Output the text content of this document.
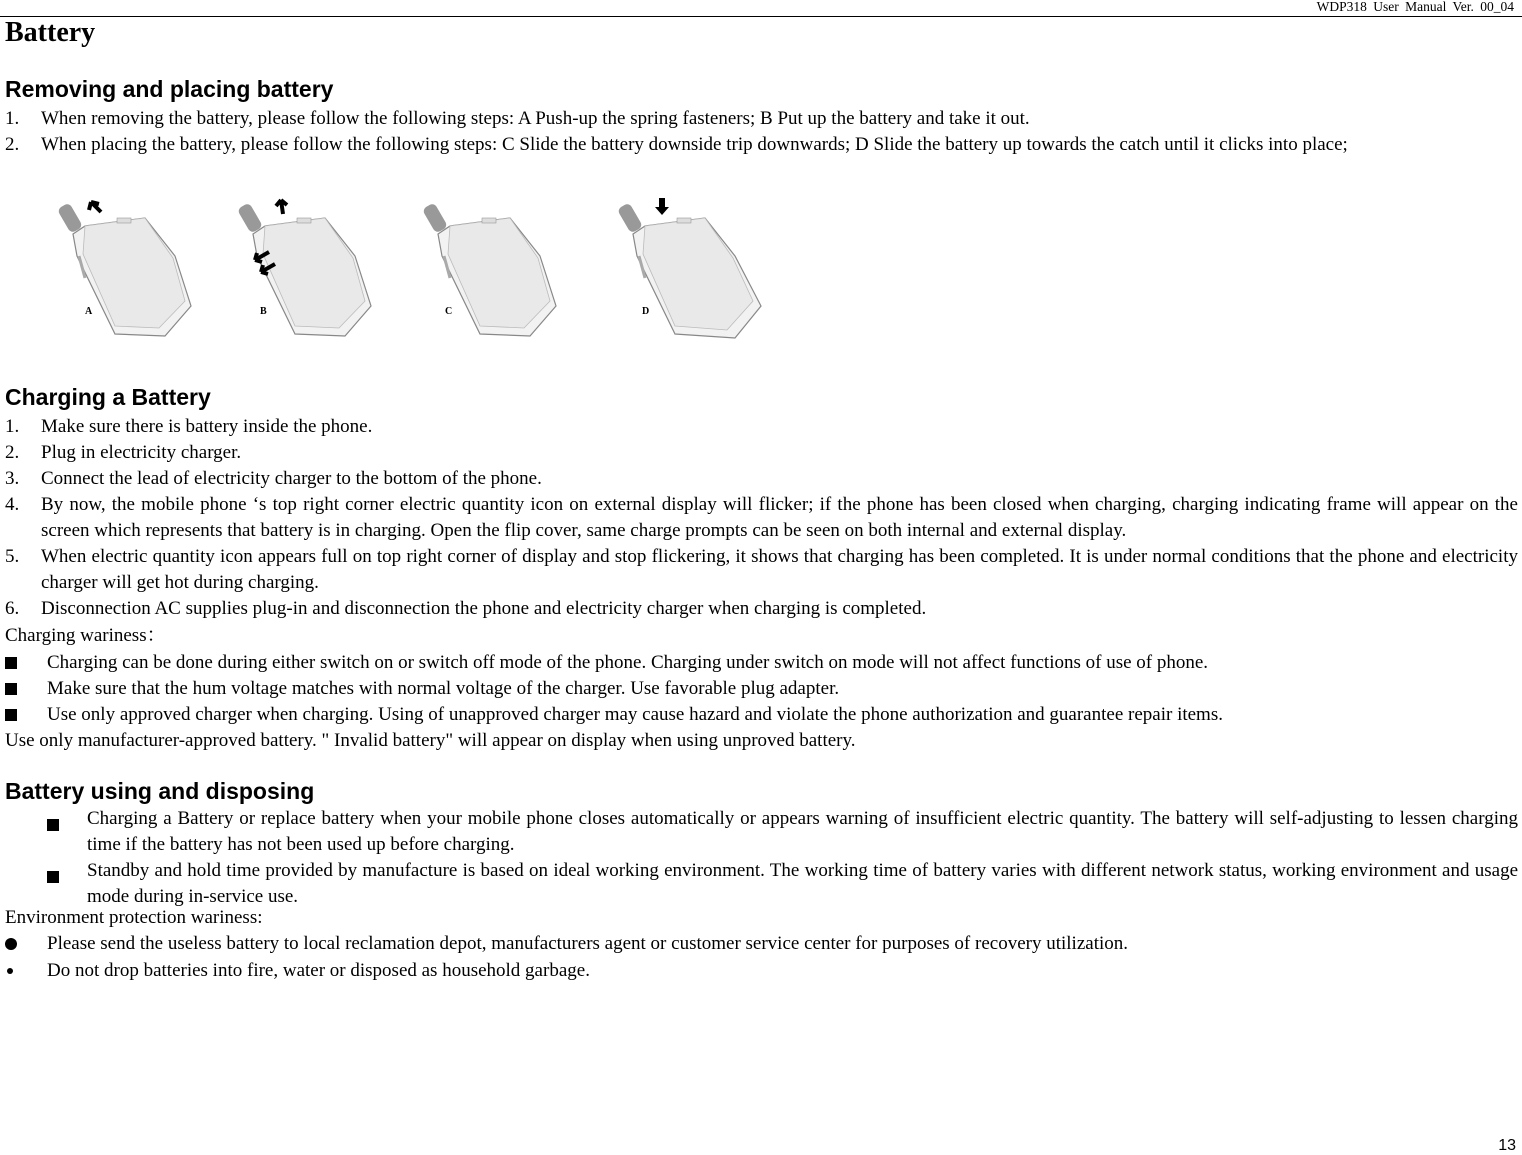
WDP318 User Manual Ver. 00_04
Battery
Removing and placing battery
1.	When removing the battery, please follow the following steps: A Push-up the spring fasteners; B Put up the battery and take it out.
2.	When placing the battery, please follow the following steps: C Slide the battery downside trip downwards; D Slide the battery up towards the catch until it clicks into place;
A	B	C	D
Charging a Battery
1.	Make sure there is battery inside the phone.
2.	Plug in electricity charger.
3.	Connect the lead of electricity charger to the bottom of the phone.
4.	By now, the mobile phone ‘s top right corner electric quantity icon on external display will flicker; if the phone has been closed when charging, charging indicating frame will appear on the screen which represents that battery is in charging. Open the flip cover, same charge prompts can be seen on both internal and external display.
5.	When electric quantity icon appears full on top right corner of display and stop flickering, it shows that charging has been completed. It is under normal conditions that the phone and electricity charger will get hot during charging.
6.	Disconnection AC supplies plug-in and disconnection the phone and electricity charger when charging is completed.
Charging wariness：
Charging can be done during either switch on or switch off mode of the phone. Charging under switch on mode will not affect functions of use of phone.
Make sure that the hum voltage matches with normal voltage of the charger. Use favorable plug adapter.
Use only approved charger when charging. Using of unapproved charger may cause hazard and violate the phone authorization and guarantee repair items.
Use only manufacturer-approved battery. " Invalid battery" will appear on display when using unproved battery.
Battery using and disposing
Charging a Battery or replace battery when your mobile phone closes automatically or appears warning of insufficient electric quantity. The battery will self-adjusting to lessen charging time if the battery has not been used up before charging.
Standby and hold time provided by manufacture is based on ideal working environment. The working time of battery varies with different network status, working environment and usage mode during in-service use.
Environment protection wariness:
Please send the useless battery to local reclamation depot, manufacturers agent or customer service center for purposes of recovery utilization.
Do not drop batteries into fire, water or disposed as household garbage.
13
